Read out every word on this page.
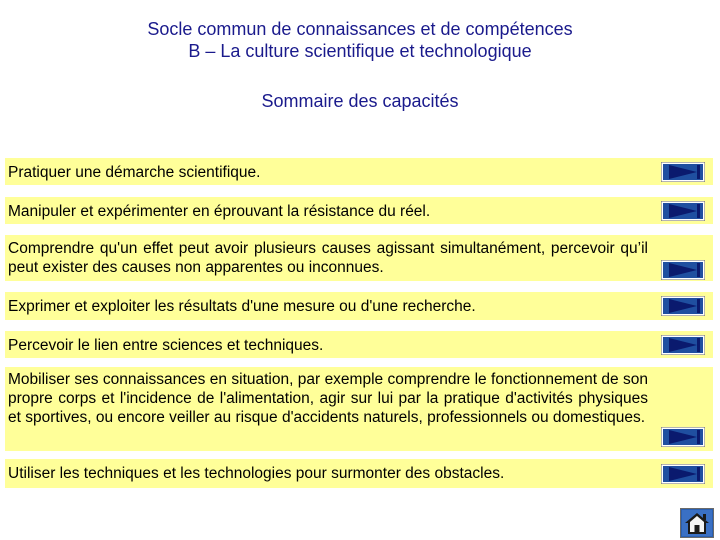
Socle commun de connaissances et de compétences
B – La culture scientifique et technologique
Sommaire des capacités
Pratiquer une démarche scientifique.
Manipuler et expérimenter en éprouvant la résistance du réel.
Comprendre qu'un effet peut avoir plusieurs causes agissant simultanément, percevoir qu’il peut exister des causes non apparentes ou inconnues.
Exprimer et exploiter les résultats d'une mesure ou d'une recherche.
Percevoir le lien entre sciences et techniques.
Mobiliser ses connaissances en situation, par exemple comprendre le fonctionnement de son propre corps et l'incidence de l'alimentation, agir sur lui par la pratique d'activités physiques et sportives, ou encore veiller au risque d'accidents naturels, professionnels ou domestiques.
Utiliser les techniques et les technologies pour surmonter des obstacles.
